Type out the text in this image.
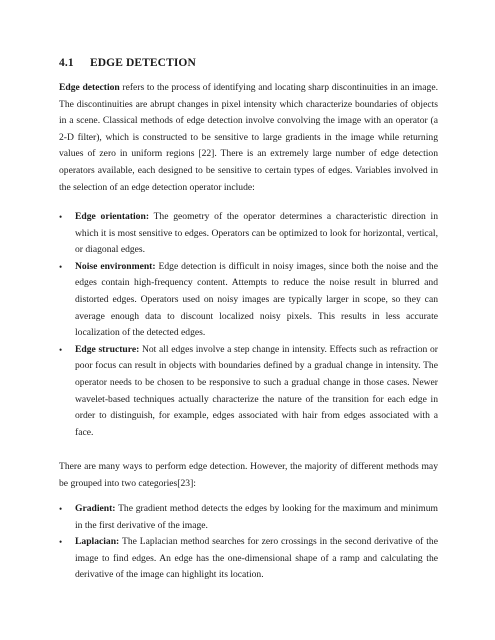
4.1 EDGE DETECTION

Edge detection refers to the process of identifying and locating sharp discontinuities in an image. The discontinuities are abrupt changes in pixel intensity which characterize boundaries of objects in a scene. Classical methods of edge detection involve convolving the image with an operator (a 2-D filter), which is constructed to be sensitive to large gradients in the image while returning values of zero in uniform regions [22]. There is an extremely large number of edge detection operators available, each designed to be sensitive to certain types of edges. Variables involved in the selection of an edge detection operator include:

• Edge orientation: The geometry of the operator determines a characteristic direction in which it is most sensitive to edges. Operators can be optimized to look for horizontal, vertical, or diagonal edges.
• Noise environment: Edge detection is difficult in noisy images, since both the noise and the edges contain high-frequency content. Attempts to reduce the noise result in blurred and distorted edges. Operators used on noisy images are typically larger in scope, so they can average enough data to discount localized noisy pixels. This results in less accurate localization of the detected edges.
• Edge structure: Not all edges involve a step change in intensity. Effects such as refraction or poor focus can result in objects with boundaries defined by a gradual change in intensity. The operator needs to be chosen to be responsive to such a gradual change in those cases. Newer wavelet-based techniques actually characterize the nature of the transition for each edge in order to distinguish, for example, edges associated with hair from edges associated with a face.

There are many ways to perform edge detection. However, the majority of different methods may be grouped into two categories[23]:

• Gradient: The gradient method detects the edges by looking for the maximum and minimum in the first derivative of the image.
• Laplacian: The Laplacian method searches for zero crossings in the second derivative of the image to find edges. An edge has the one-dimensional shape of a ramp and calculating the derivative of the image can highlight its location.
